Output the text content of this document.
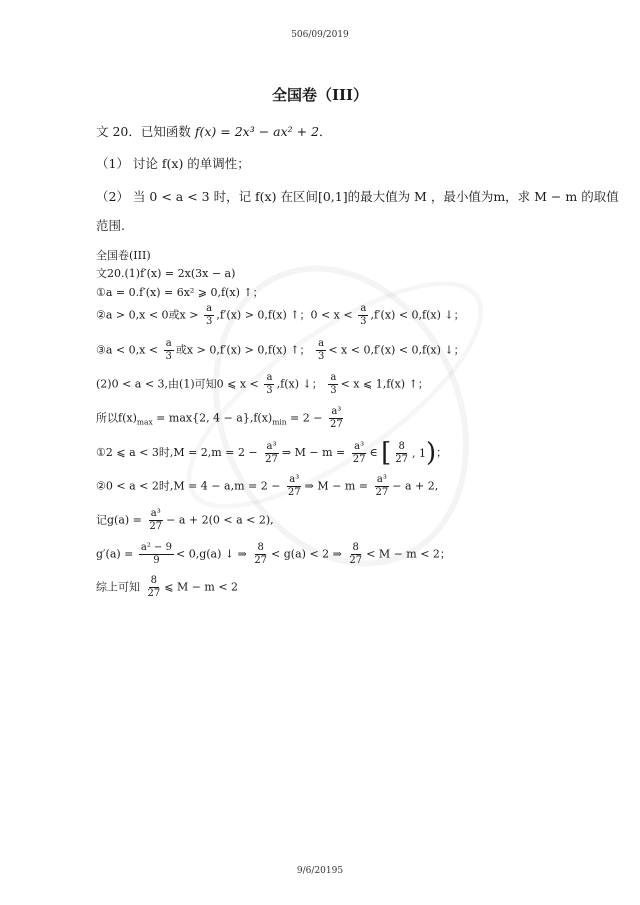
506/09/2019
全国卷（III）
文 20．已知函数 f(x) = 2x³ − ax² + 2．
（1） 讨论 f(x) 的单调性；
（2） 当 0 < a < 3 时，记 f(x) 在区间[0,1]的最大值为 M ，最小值为m，求 M − m 的取值
范围.
全国卷(III)
文20.(1)f′(x) = 2x(3x − a)
①a = 0.f′(x) = 6x² ⩾ 0,f(x) ↑；
②a > 0,x < 0或$x > \frac{a}{3} ,f'(x) > 0,f(x)$ ↑；$0 < x < \frac{a}{3} ,f'(x) < 0,f(x)$ ↓；
③a < $0,x < \frac{a}{3}$ 或x > 0,f′(x) > 0,f(x) ↑； $\frac{a}{3} < x < 0,f'(x) < 0,f(x)$ ↓；
(2)0 < a < 3,由(1)可知0 ⩽ $x < \frac{a}{3} ,f(x)$ ↓； $\frac{a}{3} < x$ ⩽ 1,f(x) ↑；
所以$f(x)_{max} = \max\{2$, $4 - a\},f(x)_{min} = 2 - \frac{\text{a³}}{27}$
①2 ⩽ a < 3时$,M = 2,m = 2 - \frac{\text{a³}}{27}$ ⇒ $M - m = \frac{\text{a³}}{27}$ ∈ [ $\frac{8}{27}$ , 1 ) ；
②0 < a < 2时$,M = 4 - a,m = 2 - \frac{\text{a³}}{27}$ ⇒ $M - m = \frac{\text{a³}}{27} - a + 2$,
记$g(a) = \frac{\text{a³}}{27} - a + 2(0 < a < 2)$,
$g'(a) = \frac{\text{a² − 9}}{9} < 0,g(a)$ ↓ ⇒ $\frac{8}{27} < g(a) < 2$ ⇒ $\frac{8}{27} < M - m < 2$；
综上可知 $\frac{8}{27}$ ⩽ M − m < 2
9/6/20195
